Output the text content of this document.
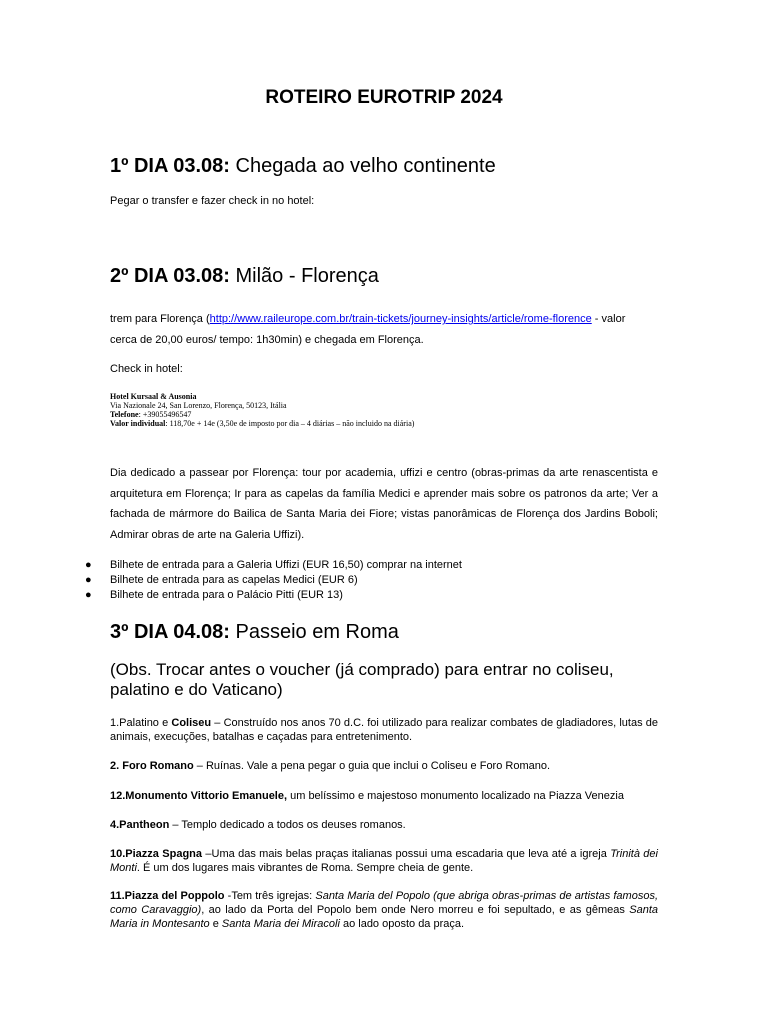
ROTEIRO EUROTRIP 2024
1º DIA 03.08: Chegada ao velho continente
Pegar o transfer e fazer check in no hotel:
2º DIA 03.08: Milão - Florença
trem para Florença (http://www.raileurope.com.br/train-tickets/journey-insights/article/rome-florence - valor
cerca de 20,00 euros/ tempo: 1h30min) e chegada em Florença.
Check in hotel:
Hotel Kursaal & Ausonia
Via Nazionale 24, San Lorenzo, Florença, 50123, Itália
Telefone: +39055496547
Valor individual: 118,70e + 14e (3,50e de imposto por dia – 4 diárias – não incluido na diária)
Dia dedicado a passear por Florença: tour por academia, uffizi e centro (obras-primas da arte renascentista e arquitetura em Florença; Ir para as capelas da família Medici e aprender mais sobre os patronos da arte; Ver a fachada de mármore do Bailica de Santa Maria dei Fiore; vistas panorâmicas de Florença dos Jardins Boboli; Admirar obras de arte na Galeria Uffizi).
● Bilhete de entrada para a Galeria Uffizi (EUR 16,50) comprar na internet
● Bilhete de entrada para as capelas Medici (EUR 6)
● Bilhete de entrada para o Palácio Pitti (EUR 13)
3º DIA 04.08: Passeio em Roma
(Obs. Trocar antes o voucher (já comprado) para entrar no coliseu, palatino e do Vaticano)
1.Palatino e Coliseu – Construído nos anos 70 d.C. foi utilizado para realizar combates de gladiadores, lutas de animais, execuções, batalhas e caçadas para entretenimento.
2. Foro Romano – Ruínas. Vale a pena pegar o guia que inclui o Coliseu e Foro Romano.
12.Monumento Vittorio Emanuele, um belíssimo e majestoso monumento localizado na Piazza Venezia
4.Pantheon – Templo dedicado a todos os deuses romanos.
10.Piazza Spagna –Uma das mais belas praças italianas possui uma escadaria que leva até a igreja Trinità dei Monti. É um dos lugares mais vibrantes de Roma. Sempre cheia de gente.
11.Piazza del Poppolo -Tem três igrejas: Santa Maria del Popolo (que abriga obras-primas de artistas famosos, como Caravaggio), ao lado da Porta del Popolo bem onde Nero morreu e foi sepultado, e as gêmeas Santa Maria in Montesanto e Santa Maria dei Miracoli ao lado oposto da praça.
